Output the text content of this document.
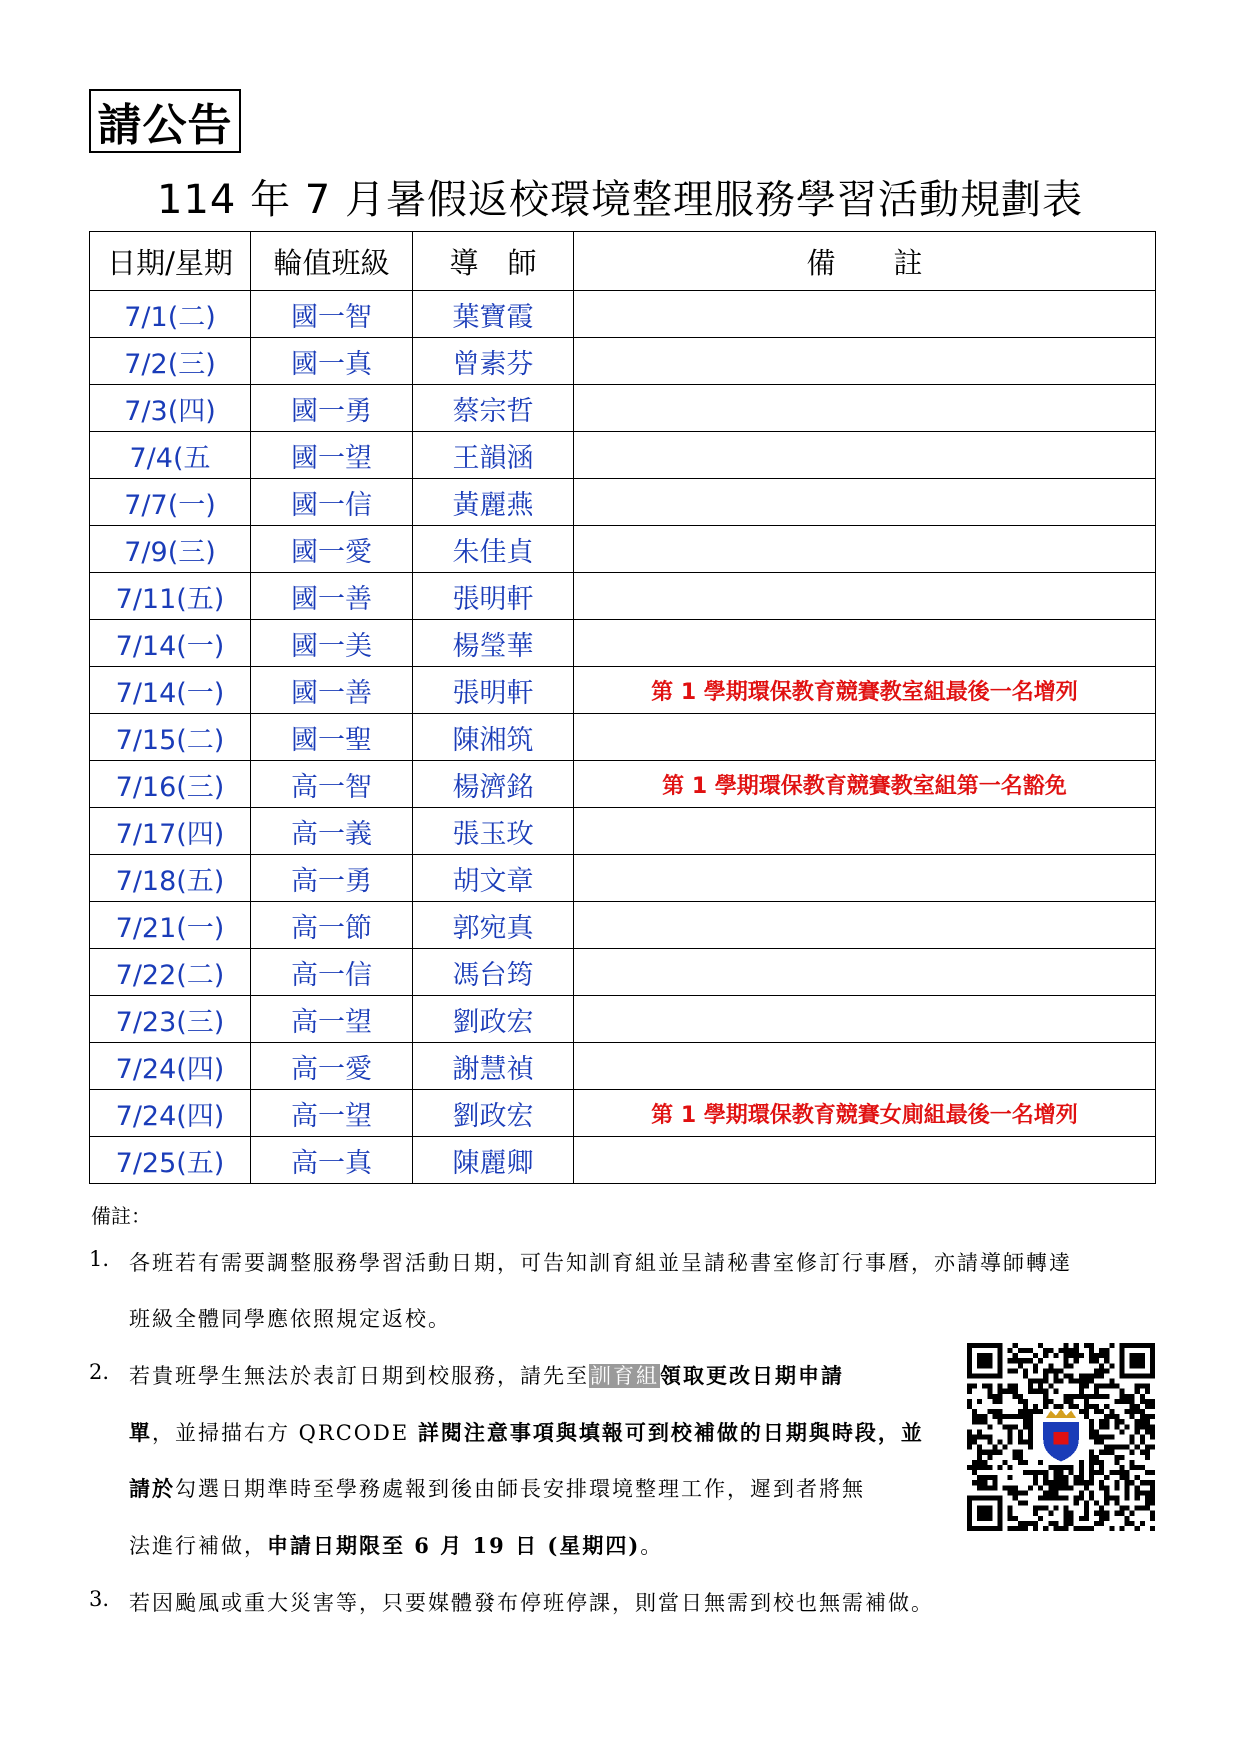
請公告
114 年 7 月暑假返校環境整理服務學習活動規劃表
日期/星期	輪值班級	導　師	備　　註
7/1(二)	國一智	葉寶霞	
7/2(三)	國一真	曾素芬	
7/3(四)	國一勇	蔡宗哲	
7/4(五	國一望	王韻涵	
7/7(一)	國一信	黃麗燕	
7/9(三)	國一愛	朱佳貞	
7/11(五)	國一善	張明軒	
7/14(一)	國一美	楊瑩華	
7/14(一)	國一善	張明軒	第 1 學期環保教育競賽教室組最後一名增列
7/15(二)	國一聖	陳湘筑	
7/16(三)	高一智	楊濟銘	第 1 學期環保教育競賽教室組第一名豁免
7/17(四)	高一義	張玉玫	
7/18(五)	高一勇	胡文章	
7/21(一)	高一節	郭宛真	
7/22(二)	高一信	馮台筠	
7/23(三)	高一望	劉政宏	
7/24(四)	高一愛	謝慧禎	
7/24(四)	高一望	劉政宏	第 1 學期環保教育競賽女廁組最後一名增列
7/25(五)	高一真	陳麗卿	
備註：
1. 各班若有需要調整服務學習活動日期，可告知訓育組並呈請秘書室修訂行事曆，亦請導師轉達
班級全體同學應依照規定返校。
2. 若貴班學生無法於表訂日期到校服務，請先至訓育組領取更改日期申請
單，並掃描右方 QRCODE 詳閱注意事項與填報可到校補做的日期與時段，並
請於勾選日期準時至學務處報到後由師長安排環境整理工作，遲到者將無
法進行補做，申請日期限至 6 月 19 日 (星期四)。
3. 若因颱風或重大災害等，只要媒體發布停班停課，則當日無需到校也無需補做。
